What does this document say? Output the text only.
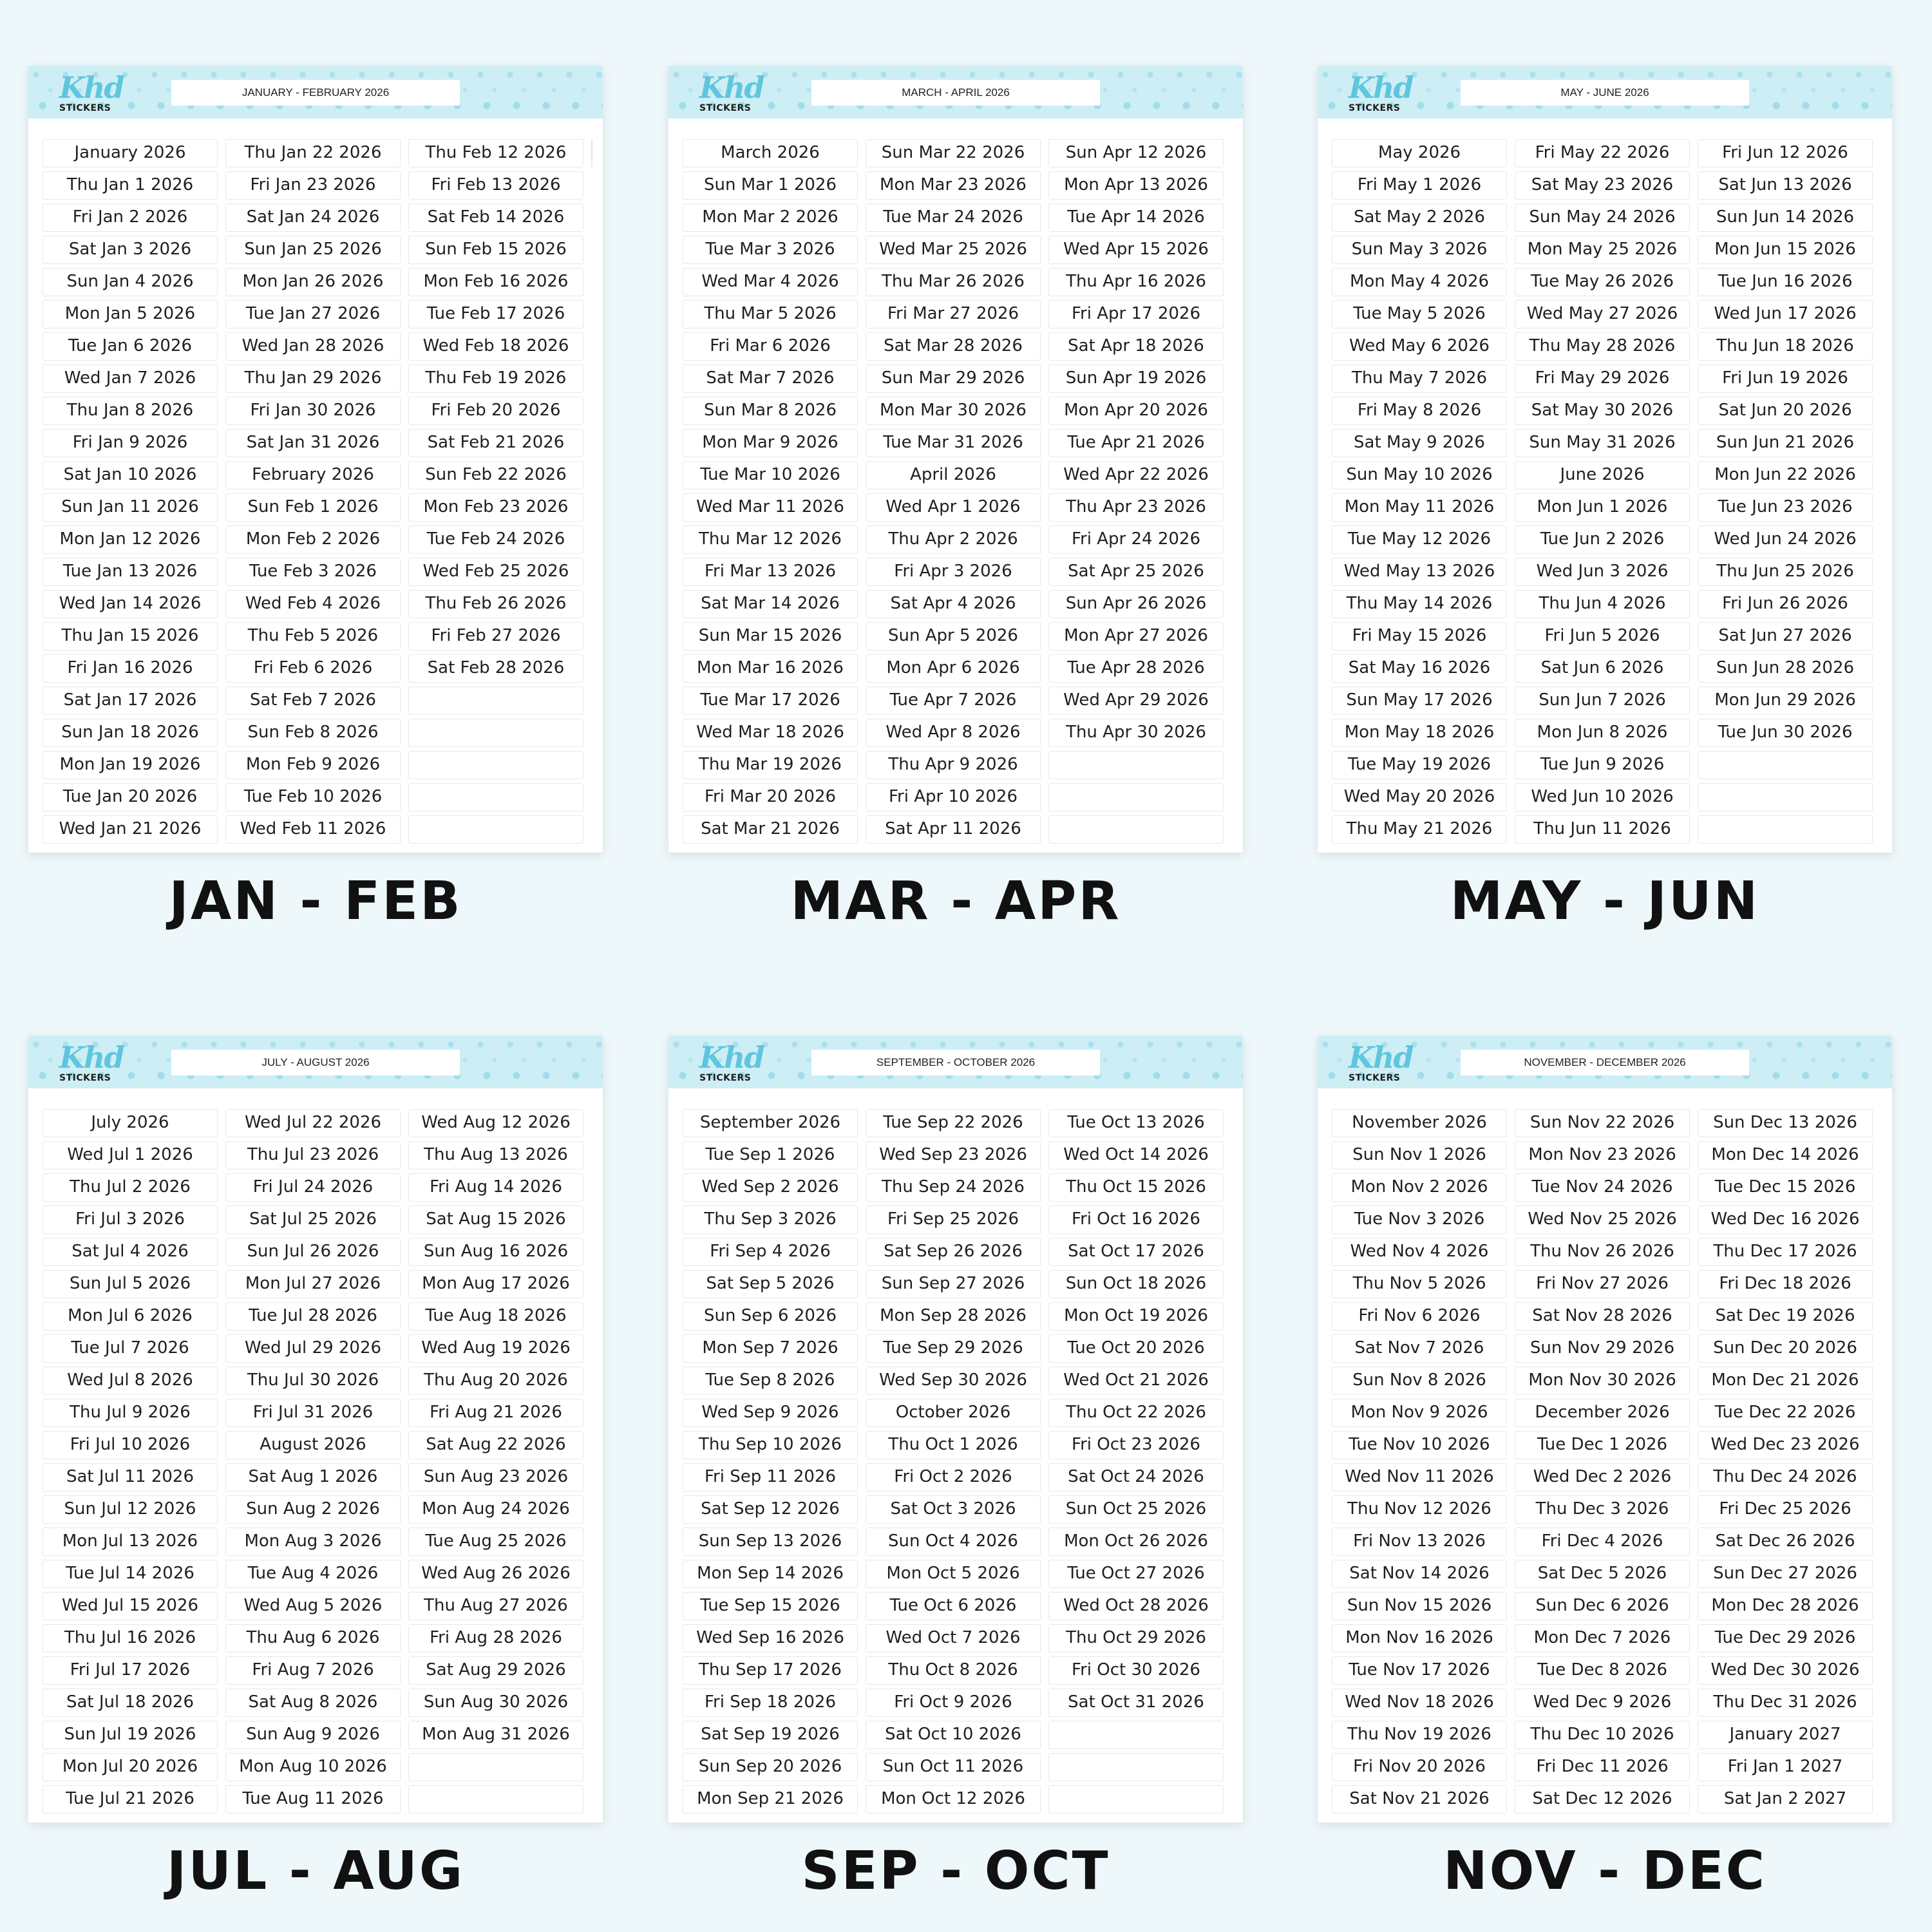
Khd
STICKERS
JANUARY - FEBRUARY 2026
January 2026
Thu Jan 1 2026
Fri Jan 2 2026
Sat Jan 3 2026
Sun Jan 4 2026
Mon Jan 5 2026
Tue Jan 6 2026
Wed Jan 7 2026
Thu Jan 8 2026
Fri Jan 9 2026
Sat Jan 10 2026
Sun Jan 11 2026
Mon Jan 12 2026
Tue Jan 13 2026
Wed Jan 14 2026
Thu Jan 15 2026
Fri Jan 16 2026
Sat Jan 17 2026
Sun Jan 18 2026
Mon Jan 19 2026
Tue Jan 20 2026
Wed Jan 21 2026
Thu Jan 22 2026
Fri Jan 23 2026
Sat Jan 24 2026
Sun Jan 25 2026
Mon Jan 26 2026
Tue Jan 27 2026
Wed Jan 28 2026
Thu Jan 29 2026
Fri Jan 30 2026
Sat Jan 31 2026
February 2026
Sun Feb 1 2026
Mon Feb 2 2026
Tue Feb 3 2026
Wed Feb 4 2026
Thu Feb 5 2026
Fri Feb 6 2026
Sat Feb 7 2026
Sun Feb 8 2026
Mon Feb 9 2026
Tue Feb 10 2026
Wed Feb 11 2026
Thu Feb 12 2026
Fri Feb 13 2026
Sat Feb 14 2026
Sun Feb 15 2026
Mon Feb 16 2026
Tue Feb 17 2026
Wed Feb 18 2026
Thu Feb 19 2026
Fri Feb 20 2026
Sat Feb 21 2026
Sun Feb 22 2026
Mon Feb 23 2026
Tue Feb 24 2026
Wed Feb 25 2026
Thu Feb 26 2026
Fri Feb 27 2026
Sat Feb 28 2026
JAN - FEB
Khd
STICKERS
MARCH - APRIL 2026
March 2026
Sun Mar 1 2026
Mon Mar 2 2026
Tue Mar 3 2026
Wed Mar 4 2026
Thu Mar 5 2026
Fri Mar 6 2026
Sat Mar 7 2026
Sun Mar 8 2026
Mon Mar 9 2026
Tue Mar 10 2026
Wed Mar 11 2026
Thu Mar 12 2026
Fri Mar 13 2026
Sat Mar 14 2026
Sun Mar 15 2026
Mon Mar 16 2026
Tue Mar 17 2026
Wed Mar 18 2026
Thu Mar 19 2026
Fri Mar 20 2026
Sat Mar 21 2026
Sun Mar 22 2026
Mon Mar 23 2026
Tue Mar 24 2026
Wed Mar 25 2026
Thu Mar 26 2026
Fri Mar 27 2026
Sat Mar 28 2026
Sun Mar 29 2026
Mon Mar 30 2026
Tue Mar 31 2026
April 2026
Wed Apr 1 2026
Thu Apr 2 2026
Fri Apr 3 2026
Sat Apr 4 2026
Sun Apr 5 2026
Mon Apr 6 2026
Tue Apr 7 2026
Wed Apr 8 2026
Thu Apr 9 2026
Fri Apr 10 2026
Sat Apr 11 2026
Sun Apr 12 2026
Mon Apr 13 2026
Tue Apr 14 2026
Wed Apr 15 2026
Thu Apr 16 2026
Fri Apr 17 2026
Sat Apr 18 2026
Sun Apr 19 2026
Mon Apr 20 2026
Tue Apr 21 2026
Wed Apr 22 2026
Thu Apr 23 2026
Fri Apr 24 2026
Sat Apr 25 2026
Sun Apr 26 2026
Mon Apr 27 2026
Tue Apr 28 2026
Wed Apr 29 2026
Thu Apr 30 2026
MAR - APR
Khd
STICKERS
MAY - JUNE 2026
May 2026
Fri May 1 2026
Sat May 2 2026
Sun May 3 2026
Mon May 4 2026
Tue May 5 2026
Wed May 6 2026
Thu May 7 2026
Fri May 8 2026
Sat May 9 2026
Sun May 10 2026
Mon May 11 2026
Tue May 12 2026
Wed May 13 2026
Thu May 14 2026
Fri May 15 2026
Sat May 16 2026
Sun May 17 2026
Mon May 18 2026
Tue May 19 2026
Wed May 20 2026
Thu May 21 2026
Fri May 22 2026
Sat May 23 2026
Sun May 24 2026
Mon May 25 2026
Tue May 26 2026
Wed May 27 2026
Thu May 28 2026
Fri May 29 2026
Sat May 30 2026
Sun May 31 2026
June 2026
Mon Jun 1 2026
Tue Jun 2 2026
Wed Jun 3 2026
Thu Jun 4 2026
Fri Jun 5 2026
Sat Jun 6 2026
Sun Jun 7 2026
Mon Jun 8 2026
Tue Jun 9 2026
Wed Jun 10 2026
Thu Jun 11 2026
Fri Jun 12 2026
Sat Jun 13 2026
Sun Jun 14 2026
Mon Jun 15 2026
Tue Jun 16 2026
Wed Jun 17 2026
Thu Jun 18 2026
Fri Jun 19 2026
Sat Jun 20 2026
Sun Jun 21 2026
Mon Jun 22 2026
Tue Jun 23 2026
Wed Jun 24 2026
Thu Jun 25 2026
Fri Jun 26 2026
Sat Jun 27 2026
Sun Jun 28 2026
Mon Jun 29 2026
Tue Jun 30 2026
MAY - JUN
Khd
STICKERS
JULY - AUGUST 2026
July 2026
Wed Jul 1 2026
Thu Jul 2 2026
Fri Jul 3 2026
Sat Jul 4 2026
Sun Jul 5 2026
Mon Jul 6 2026
Tue Jul 7 2026
Wed Jul 8 2026
Thu Jul 9 2026
Fri Jul 10 2026
Sat Jul 11 2026
Sun Jul 12 2026
Mon Jul 13 2026
Tue Jul 14 2026
Wed Jul 15 2026
Thu Jul 16 2026
Fri Jul 17 2026
Sat Jul 18 2026
Sun Jul 19 2026
Mon Jul 20 2026
Tue Jul 21 2026
Wed Jul 22 2026
Thu Jul 23 2026
Fri Jul 24 2026
Sat Jul 25 2026
Sun Jul 26 2026
Mon Jul 27 2026
Tue Jul 28 2026
Wed Jul 29 2026
Thu Jul 30 2026
Fri Jul 31 2026
August 2026
Sat Aug 1 2026
Sun Aug 2 2026
Mon Aug 3 2026
Tue Aug 4 2026
Wed Aug 5 2026
Thu Aug 6 2026
Fri Aug 7 2026
Sat Aug 8 2026
Sun Aug 9 2026
Mon Aug 10 2026
Tue Aug 11 2026
Wed Aug 12 2026
Thu Aug 13 2026
Fri Aug 14 2026
Sat Aug 15 2026
Sun Aug 16 2026
Mon Aug 17 2026
Tue Aug 18 2026
Wed Aug 19 2026
Thu Aug 20 2026
Fri Aug 21 2026
Sat Aug 22 2026
Sun Aug 23 2026
Mon Aug 24 2026
Tue Aug 25 2026
Wed Aug 26 2026
Thu Aug 27 2026
Fri Aug 28 2026
Sat Aug 29 2026
Sun Aug 30 2026
Mon Aug 31 2026
JUL - AUG
Khd
STICKERS
SEPTEMBER - OCTOBER 2026
September 2026
Tue Sep 1 2026
Wed Sep 2 2026
Thu Sep 3 2026
Fri Sep 4 2026
Sat Sep 5 2026
Sun Sep 6 2026
Mon Sep 7 2026
Tue Sep 8 2026
Wed Sep 9 2026
Thu Sep 10 2026
Fri Sep 11 2026
Sat Sep 12 2026
Sun Sep 13 2026
Mon Sep 14 2026
Tue Sep 15 2026
Wed Sep 16 2026
Thu Sep 17 2026
Fri Sep 18 2026
Sat Sep 19 2026
Sun Sep 20 2026
Mon Sep 21 2026
Tue Sep 22 2026
Wed Sep 23 2026
Thu Sep 24 2026
Fri Sep 25 2026
Sat Sep 26 2026
Sun Sep 27 2026
Mon Sep 28 2026
Tue Sep 29 2026
Wed Sep 30 2026
October 2026
Thu Oct 1 2026
Fri Oct 2 2026
Sat Oct 3 2026
Sun Oct 4 2026
Mon Oct 5 2026
Tue Oct 6 2026
Wed Oct 7 2026
Thu Oct 8 2026
Fri Oct 9 2026
Sat Oct 10 2026
Sun Oct 11 2026
Mon Oct 12 2026
Tue Oct 13 2026
Wed Oct 14 2026
Thu Oct 15 2026
Fri Oct 16 2026
Sat Oct 17 2026
Sun Oct 18 2026
Mon Oct 19 2026
Tue Oct 20 2026
Wed Oct 21 2026
Thu Oct 22 2026
Fri Oct 23 2026
Sat Oct 24 2026
Sun Oct 25 2026
Mon Oct 26 2026
Tue Oct 27 2026
Wed Oct 28 2026
Thu Oct 29 2026
Fri Oct 30 2026
Sat Oct 31 2026
SEP - OCT
Khd
STICKERS
NOVEMBER - DECEMBER 2026
November 2026
Sun Nov 1 2026
Mon Nov 2 2026
Tue Nov 3 2026
Wed Nov 4 2026
Thu Nov 5 2026
Fri Nov 6 2026
Sat Nov 7 2026
Sun Nov 8 2026
Mon Nov 9 2026
Tue Nov 10 2026
Wed Nov 11 2026
Thu Nov 12 2026
Fri Nov 13 2026
Sat Nov 14 2026
Sun Nov 15 2026
Mon Nov 16 2026
Tue Nov 17 2026
Wed Nov 18 2026
Thu Nov 19 2026
Fri Nov 20 2026
Sat Nov 21 2026
Sun Nov 22 2026
Mon Nov 23 2026
Tue Nov 24 2026
Wed Nov 25 2026
Thu Nov 26 2026
Fri Nov 27 2026
Sat Nov 28 2026
Sun Nov 29 2026
Mon Nov 30 2026
December 2026
Tue Dec 1 2026
Wed Dec 2 2026
Thu Dec 3 2026
Fri Dec 4 2026
Sat Dec 5 2026
Sun Dec 6 2026
Mon Dec 7 2026
Tue Dec 8 2026
Wed Dec 9 2026
Thu Dec 10 2026
Fri Dec 11 2026
Sat Dec 12 2026
Sun Dec 13 2026
Mon Dec 14 2026
Tue Dec 15 2026
Wed Dec 16 2026
Thu Dec 17 2026
Fri Dec 18 2026
Sat Dec 19 2026
Sun Dec 20 2026
Mon Dec 21 2026
Tue Dec 22 2026
Wed Dec 23 2026
Thu Dec 24 2026
Fri Dec 25 2026
Sat Dec 26 2026
Sun Dec 27 2026
Mon Dec 28 2026
Tue Dec 29 2026
Wed Dec 30 2026
Thu Dec 31 2026
January 2027
Fri Jan 1 2027
Sat Jan 2 2027
NOV - DEC
